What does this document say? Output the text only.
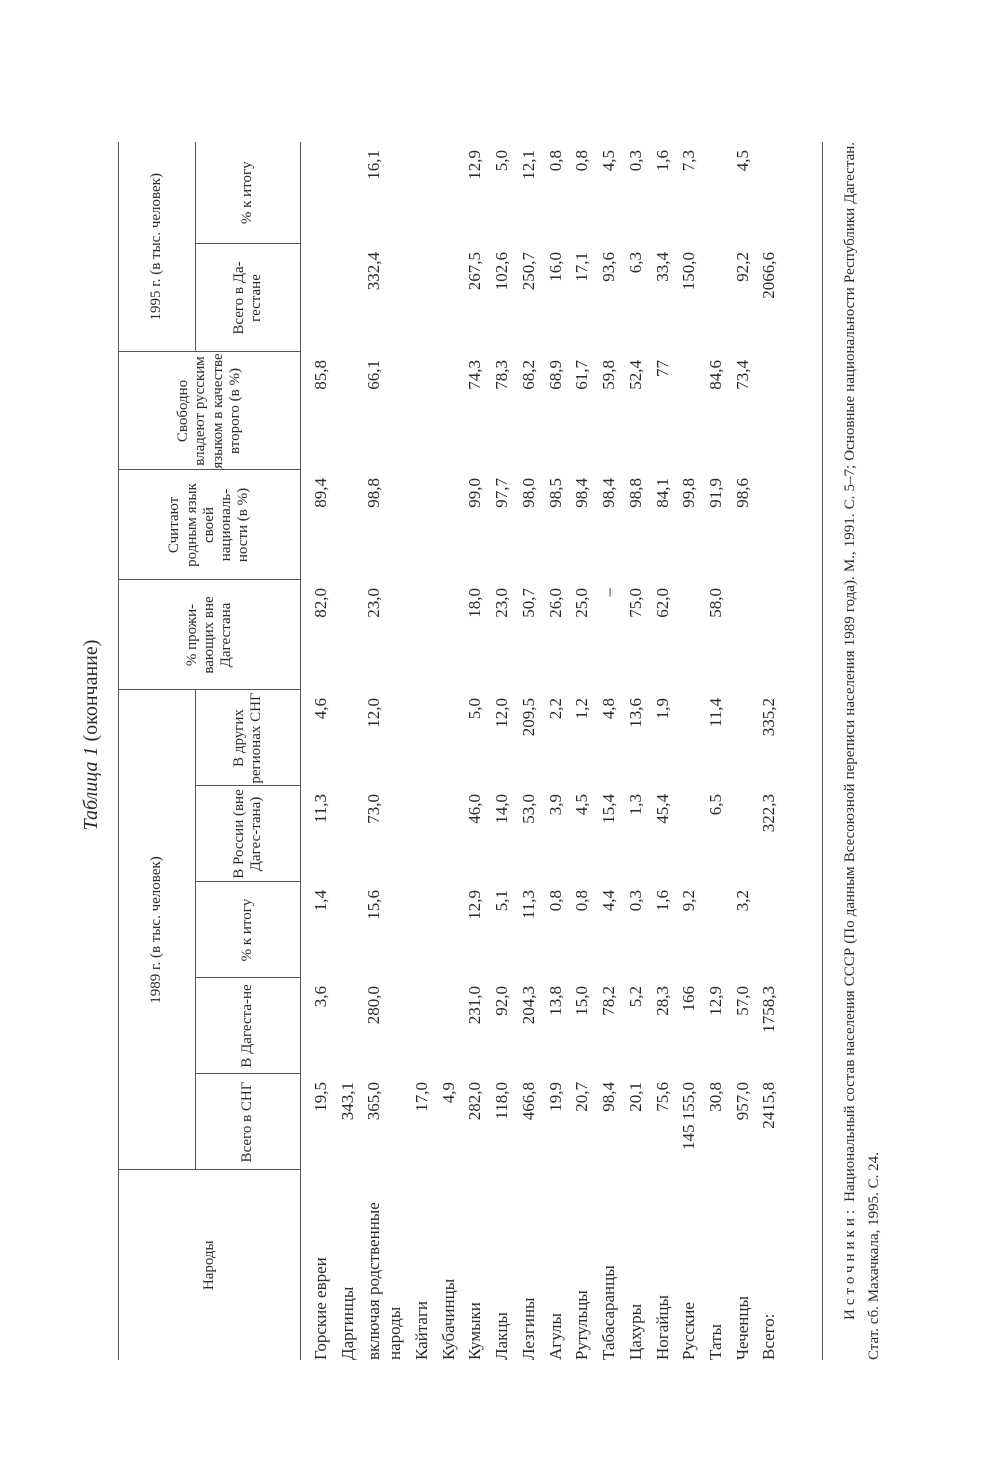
Таблица 1 (окончание)
Народы	1989 г. (в тыс. человек)					% прожи-вающих вне Дагестана	Считают родным язык своей националь-ности (в %)	Свободно владеют русским языком в качестве второго (в %)	1995 г. (в тыс. человек)	
	Всего в СНГ	В Дагеста-не	% к итогу	В России (вне Дагес-тана)	В других регионах СНГ				Всего в Да-гестане	% к итогу
Горские евреи	19,5	3,6	1,4	11,3	4,6	82,0	89,4	85,8		
Даргинцы	343,1									
включая родственные народы	365,0	280,0	15,6	73,0	12,0	23,0	98,8	66,1	332,4	16,1
Кайтаги	17,0									
Кубачинцы	4,9									
Кумыки	282,0	231,0	12,9	46,0	5,0	18,0	99,0	74,3	267,5	12,9
Лакцы	118,0	92,0	5,1	14,0	12,0	23,0	97,7	78,3	102,6	5,0
Лезгины	466,8	204,3	11,3	53,0	209,5	50,7	98,0	68,2	250,7	12,1
Агулы	19,9	13,8	0,8	3,9	2,2	26,0	98,5	68,9	16,0	0,8
Рутульцы	20,7	15,0	0,8	4,5	1,2	25,0	98,4	61,7	17,1	0,8
Табасаранцы	98,4	78,2	4,4	15,4	4,8	–	98,4	59,8	93,6	4,5
Цахуры	20,1	5,2	0,3	1,3	13,6	75,0	98,8	52,4	6,3	0,3
Ногайцы	75,6	28,3	1,6	45,4	1,9	62,0	84,1	77	33,4	1,6
Русские	145 155,0	166	9,2				99,8		150,0	7,3
Таты	30,8	12,9		6,5	11,4	58,0	91,9	84,6		
Чеченцы	957,0	57,0	3,2				98,6	73,4	92,2	4,5
Всего:	2415,8	1758,3		322,3	335,2				2066,6	
Источники: Национальный состав населения СССР (По данным Всесоюзной переписи населения 1989 года). М., 1991. С. 5–7; Основные национальности Республики Дагестан. Стат. сб. Махачкала, 1995. С. 24.
